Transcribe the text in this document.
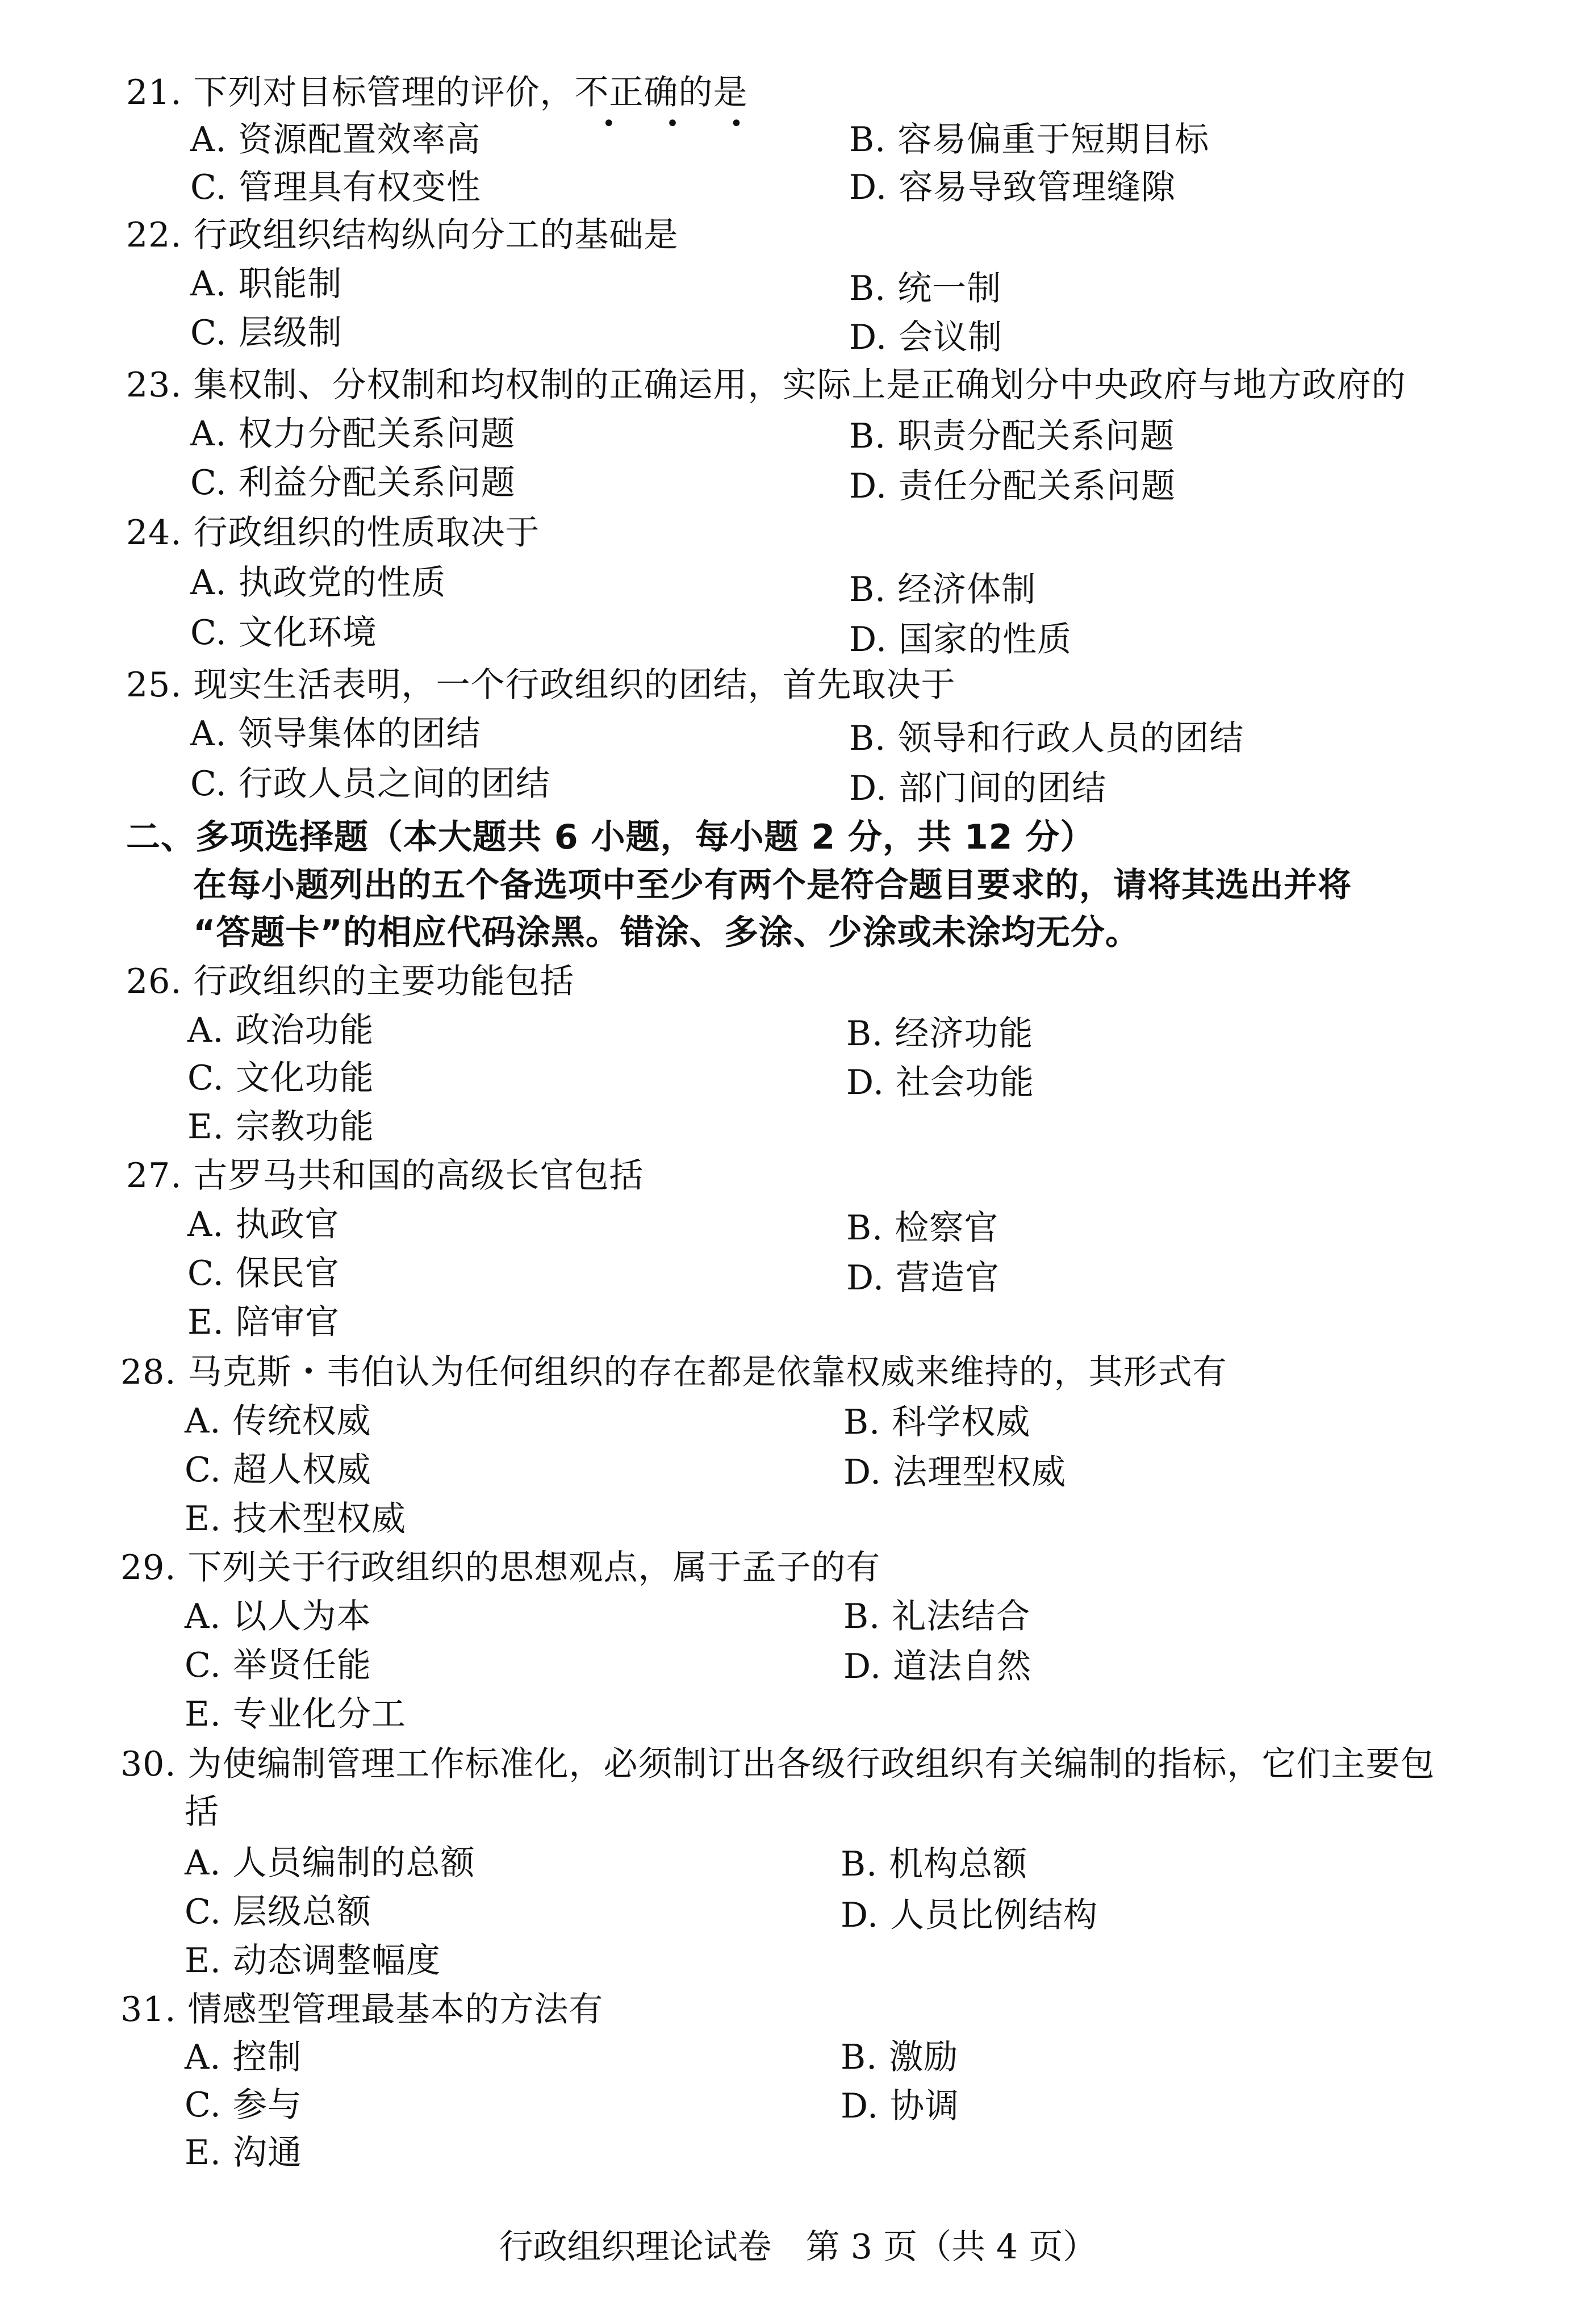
21. 下列对目标管理的评价，不正确的是
• • •
A. 资源配置效率高	B. 容易偏重于短期目标
C. 管理具有权变性	D. 容易导致管理缝隙
22. 行政组织结构纵向分工的基础是
A. 职能制	B. 统一制
C. 层级制	D. 会议制
23. 集权制、分权制和均权制的正确运用，实际上是正确划分中央政府与地方政府的
A. 权力分配关系问题	B. 职责分配关系问题
C. 利益分配关系问题	D. 责任分配关系问题
24. 行政组织的性质取决于
A. 执政党的性质	B. 经济体制
C. 文化环境	D. 国家的性质
25. 现实生活表明，一个行政组织的团结，首先取决于
A. 领导集体的团结	B. 领导和行政人员的团结
C. 行政人员之间的团结	D. 部门间的团结
二、多项选择题（本大题共 6 小题，每小题 2 分，共 12 分）
在每小题列出的五个备选项中至少有两个是符合题目要求的，请将其选出并将
“答题卡”的相应代码涂黑。错涂、多涂、少涂或未涂均无分。
26. 行政组织的主要功能包括
A. 政治功能	B. 经济功能
C. 文化功能	D. 社会功能
E. 宗教功能
27. 古罗马共和国的高级长官包括
A. 执政官	B. 检察官
C. 保民官	D. 营造官
E. 陪审官
28. 马克斯・韦伯认为任何组织的存在都是依靠权威来维持的，其形式有
A. 传统权威	B. 科学权威
C. 超人权威	D. 法理型权威
E. 技术型权威
29. 下列关于行政组织的思想观点，属于孟子的有
A. 以人为本	B. 礼法结合
C. 举贤任能	D. 道法自然
E. 专业化分工
30. 为使编制管理工作标准化，必须制订出各级行政组织有关编制的指标，它们主要包
括
A. 人员编制的总额	B. 机构总额
C. 层级总额	D. 人员比例结构
E. 动态调整幅度
31. 情感型管理最基本的方法有
A. 控制	B. 激励
C. 参与	D. 协调
E. 沟通
行政组织理论试卷　第 3 页（共 4 页）
